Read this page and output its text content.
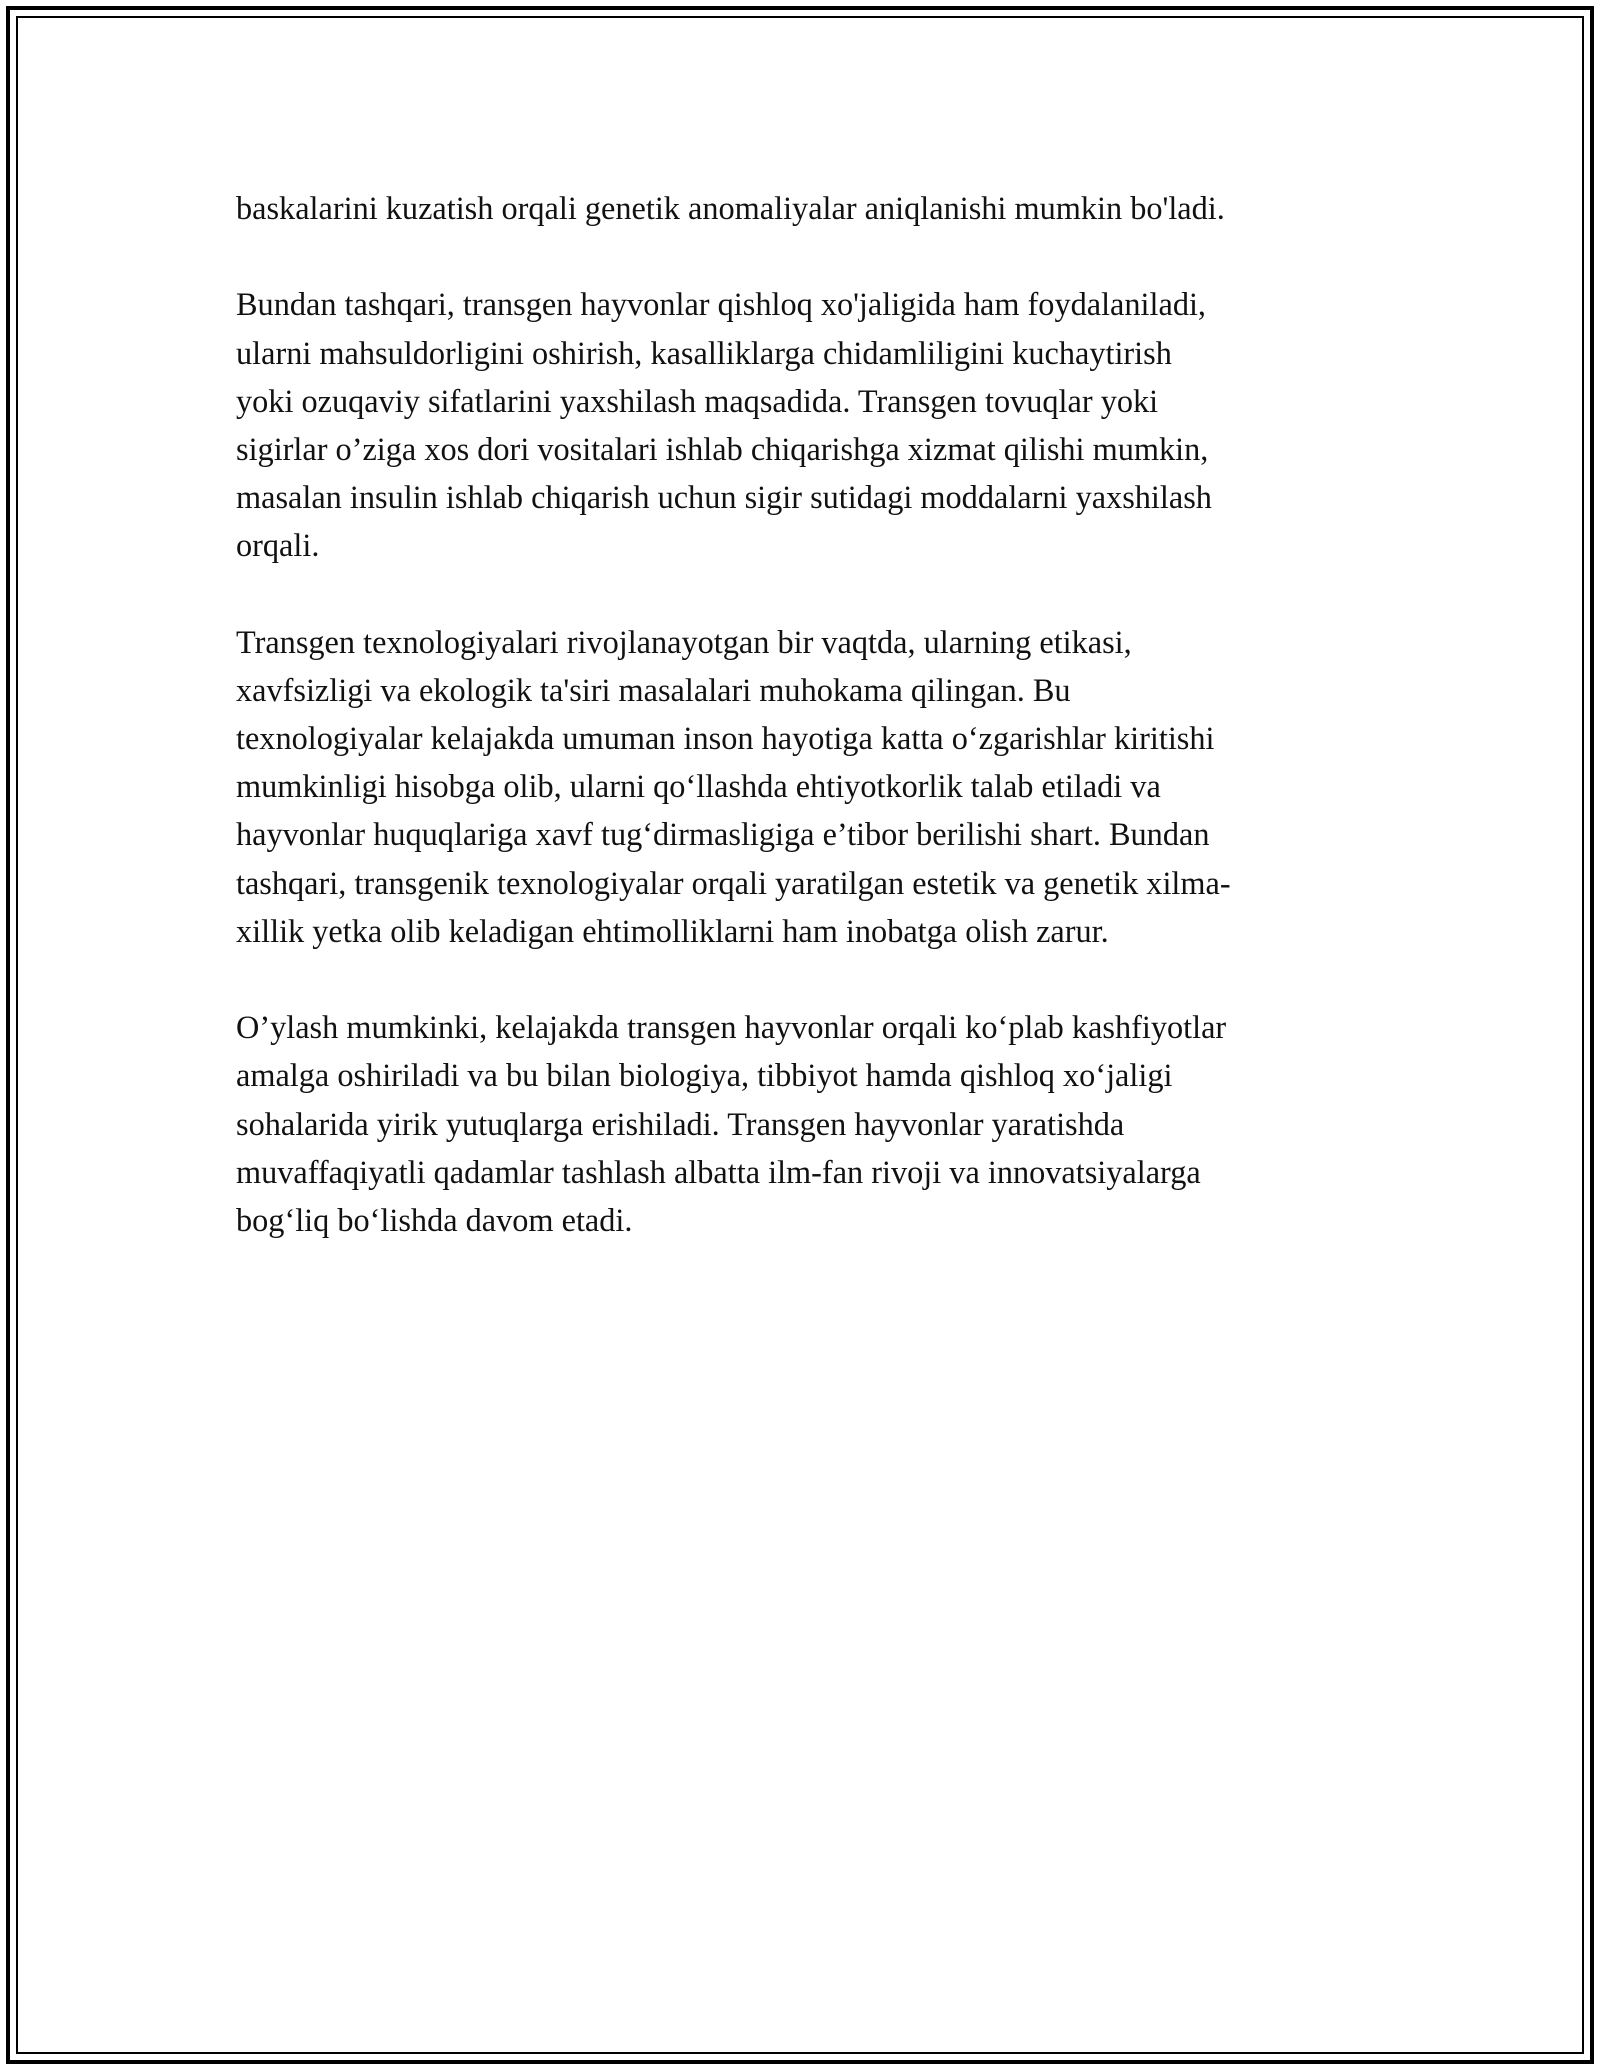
baskalarini kuzatish orqali genetik anomaliyalar aniqlanishi mumkin bo'ladi.
Bundan tashqari, transgen hayvonlar qishloq xo'jaligida ham foydalaniladi,
ularni mahsuldorligini oshirish, kasalliklarga chidamliligini kuchaytirish
yoki ozuqaviy sifatlarini yaxshilash maqsadida. Transgen tovuqlar yoki
sigirlar o’ziga xos dori vositalari ishlab chiqarishga xizmat qilishi mumkin,
masalan insulin ishlab chiqarish uchun sigir sutidagi moddalarni yaxshilash
orqali.
Transgen texnologiyalari rivojlanayotgan bir vaqtda, ularning etikasi,
xavfsizligi va ekologik ta'siri masalalari muhokama qilingan. Bu
texnologiyalar kelajakda umuman inson hayotiga katta o‘zgarishlar kiritishi
mumkinligi hisobga olib, ularni qo‘llashda ehtiyotkorlik talab etiladi va
hayvonlar huquqlariga xavf tug‘dirmasligiga e’tibor berilishi shart. Bundan
tashqari, transgenik texnologiyalar orqali yaratilgan estetik va genetik xilma-
xillik yetka olib keladigan ehtimolliklarni ham inobatga olish zarur.
O’ylash mumkinki, kelajakda transgen hayvonlar orqali ko‘plab kashfiyotlar
amalga oshiriladi va bu bilan biologiya, tibbiyot hamda qishloq xo‘jaligi
sohalarida yirik yutuqlarga erishiladi. Transgen hayvonlar yaratishda
muvaffaqiyatli qadamlar tashlash albatta ilm-fan rivoji va innovatsiyalarga
bog‘liq bo‘lishda davom etadi.
